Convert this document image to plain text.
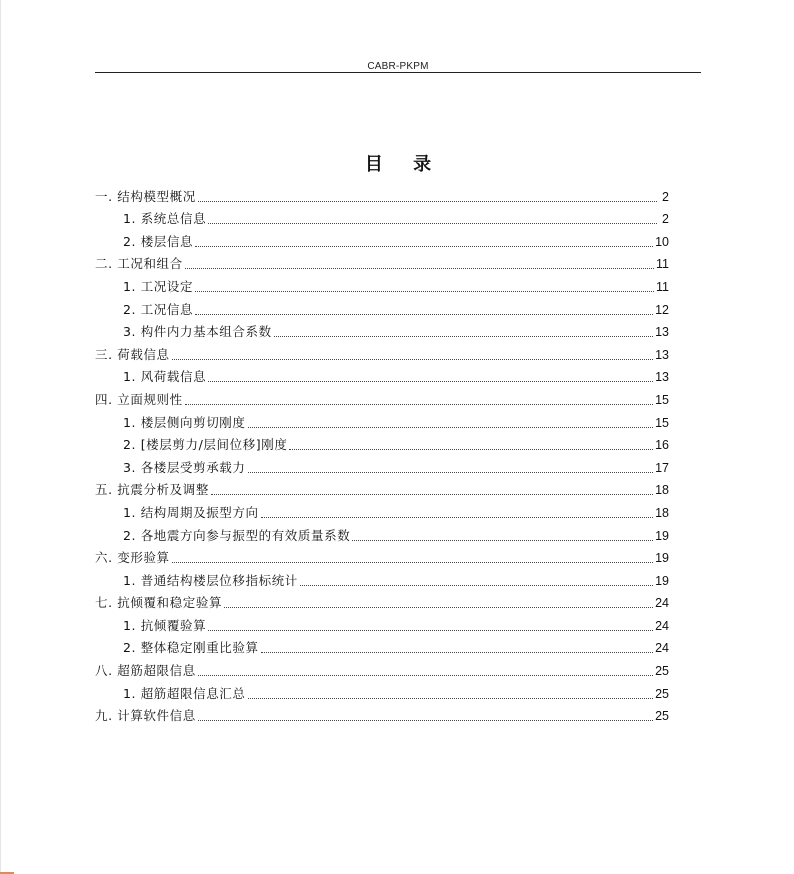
CABR-PKPM
目 录
一. 结构模型概况	2
1. 系统总信息	2
2. 楼层信息	10
二. 工况和组合	11
1. 工况设定	11
2. 工况信息	12
3. 构件内力基本组合系数	13
三. 荷载信息	13
1. 风荷载信息	13
四. 立面规则性	15
1. 楼层侧向剪切刚度	15
2. [楼层剪力/层间位移]刚度	16
3. 各楼层受剪承载力	17
五. 抗震分析及调整	18
1. 结构周期及振型方向	18
2. 各地震方向参与振型的有效质量系数	19
六. 变形验算	19
1. 普通结构楼层位移指标统计	19
七. 抗倾覆和稳定验算	24
1. 抗倾覆验算	24
2. 整体稳定刚重比验算	24
八. 超筋超限信息	25
1. 超筋超限信息汇总	25
九. 计算软件信息	25
